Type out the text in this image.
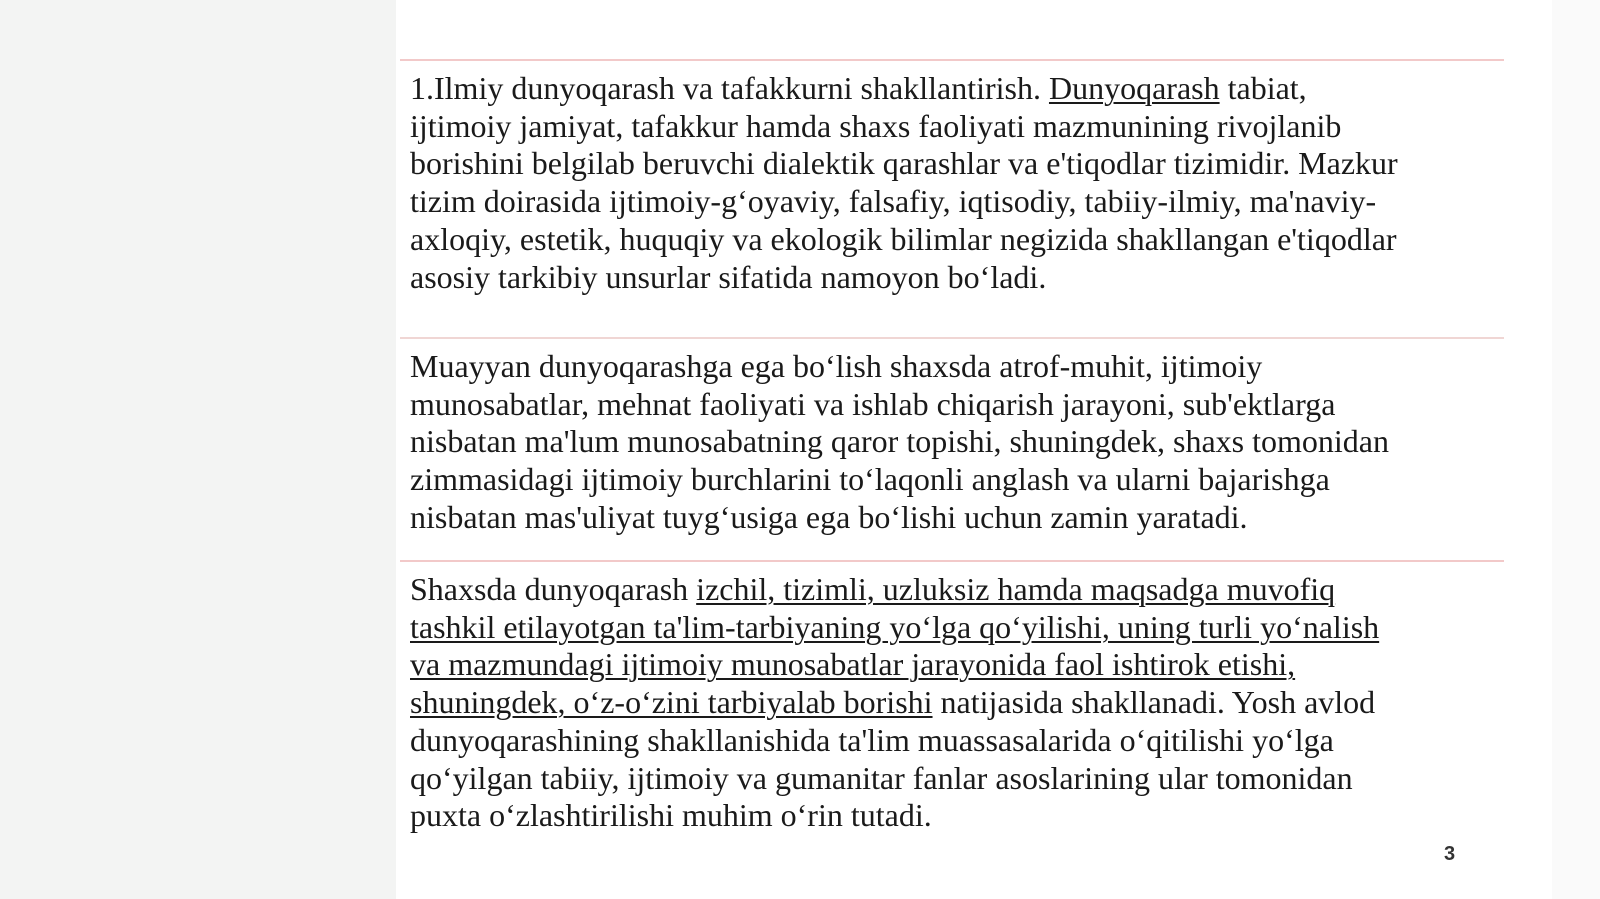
1.Ilmiy dunyoqarash va tafakkurni shakllantirish. Dunyoqarash tabiat,
ijtimoiy jamiyat, tafakkur hamda shaxs faoliyati mazmunining rivojlanib
borishini belgilab beruvchi dialektik qarashlar va e'tiqodlar tizimidir. Mazkur
tizim doirasida ijtimoiy-g‘oyaviy, falsafiy, iqtisodiy, tabiiy-ilmiy, ma'naviy-
axloqiy, estetik, huquqiy va ekologik bilimlar negizida shakllangan e'tiqodlar
asosiy tarkibiy unsurlar sifatida namoyon bo‘ladi.

Muayyan dunyoqarashga ega bo‘lish shaxsda atrof-muhit, ijtimoiy
munosabatlar, mehnat faoliyati va ishlab chiqarish jarayoni, sub'ektlarga
nisbatan ma'lum munosabatning qaror topishi, shuningdek, shaxs tomonidan
zimmasidagi ijtimoiy burchlarini to‘laqonli anglash va ularni bajarishga
nisbatan mas'uliyat tuyg‘usiga ega bo‘lishi uchun zamin yaratadi.

Shaxsda dunyoqarash izchil, tizimli, uzluksiz hamda maqsadga muvofiq
tashkil etilayotgan ta'lim-tarbiyaning yo‘lga qo‘yilishi, uning turli yo‘nalish
va mazmundagi ijtimoiy munosabatlar jarayonida faol ishtirok etishi,
shuningdek, o‘z-o‘zini tarbiyalab borishi natijasida shakllanadi. Yosh avlod
dunyoqarashining shakllanishida ta'lim muassasalarida o‘qitilishi yo‘lga
qo‘yilgan tabiiy, ijtimoiy va gumanitar fanlar asoslarining ular tomonidan
puxta o‘zlashtirilishi muhim o‘rin tutadi.

3
